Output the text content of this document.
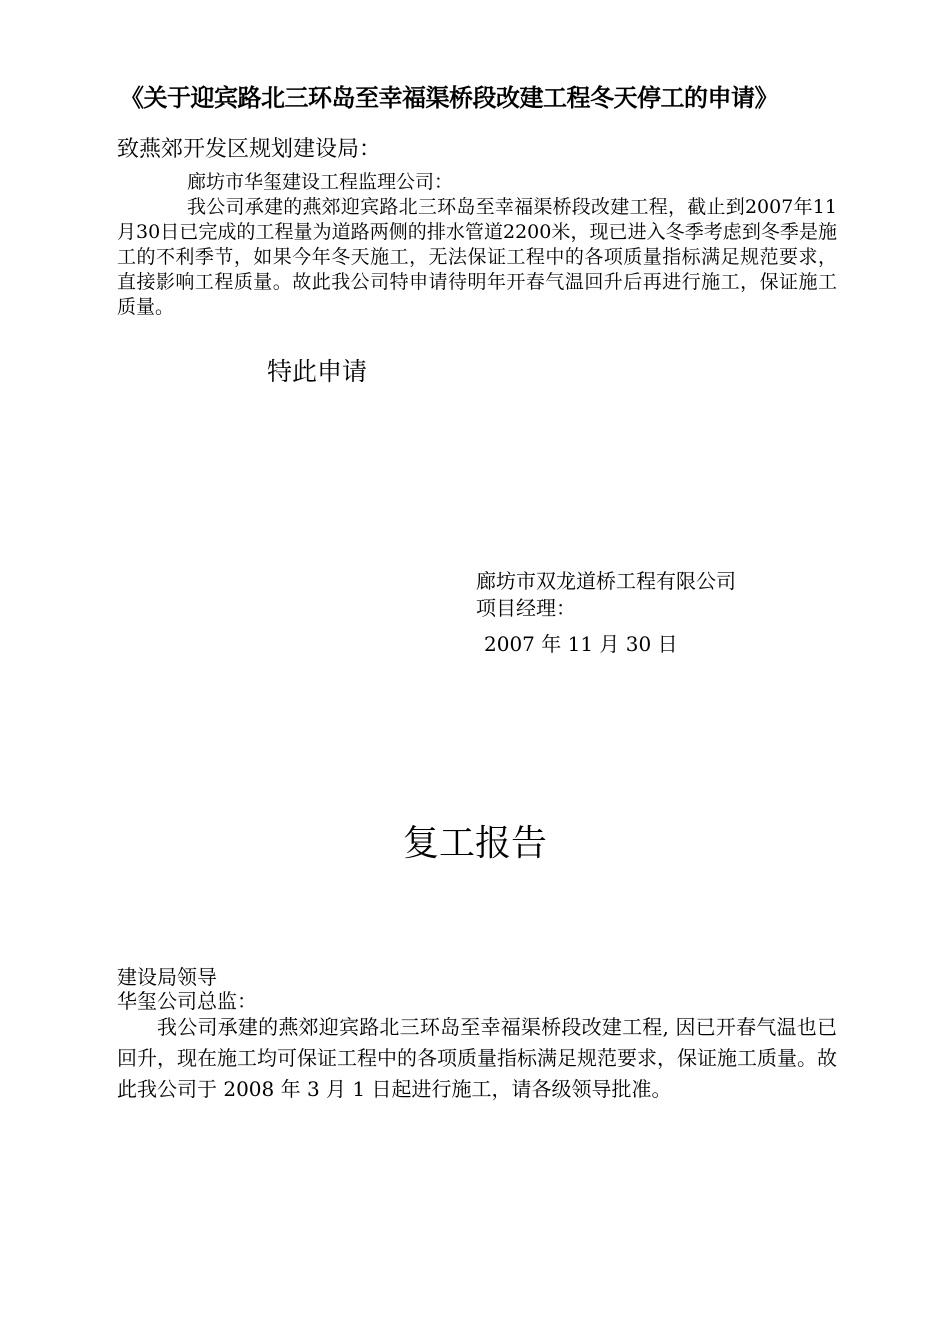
《关于迎宾路北三环岛至幸福渠桥段改建工程冬天停工的申请》
致燕郊开发区规划建设局：

廊坊市华玺建设工程监理公司：

我公司承建的燕郊迎宾路北三环岛至幸福渠桥段改建工程，截止到2007年11月30日已完成的工程量为道路两侧的排水管道2200米，现已进入冬季考虑到冬季是施工的不利季节，如果今年冬天施工，无法保证工程中的各项质量指标满足规范要求，直接影响工程质量。故此我公司特申请待明年开春气温回升后再进行施工，保证施工质量。

特此申请
廊坊市双龙道桥工程有限公司
项目经理：
2007 年 11 月 30 日
复工报告

建设局领导

华玺公司总监：

我公司承建的燕郊迎宾路北三环岛至幸福渠桥段改建工程, 因已开春气温也已回升，现在施工均可保证工程中的各项质量指标满足规范要求，保证施工质量。故此我公司于 2008 年 3 月 1 日起进行施工，请各级领导批准。
